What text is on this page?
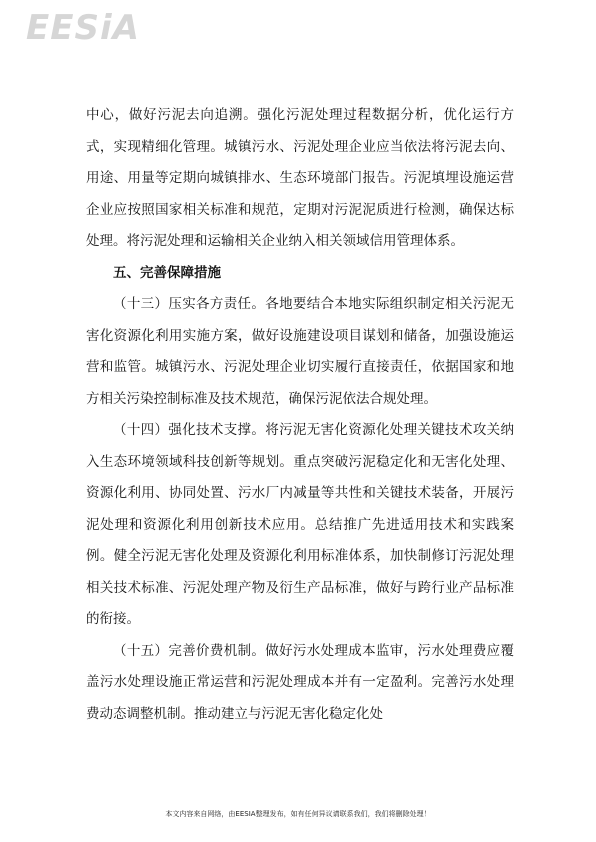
EESiA

中心，做好污泥去向追溯。强化污泥处理过程数据分析，优化运行方式，实现精细化管理。城镇污水、污泥处理企业应当依法将污泥去向、用途、用量等定期向城镇排水、生态环境部门报告。污泥填埋设施运营企业应按照国家相关标准和规范，定期对污泥泥质进行检测，确保达标处理。将污泥处理和运输相关企业纳入相关领域信用管理体系。

五、完善保障措施

（十三）压实各方责任。各地要结合本地实际组织制定相关污泥无害化资源化利用实施方案，做好设施建设项目谋划和储备，加强设施运营和监管。城镇污水、污泥处理企业切实履行直接责任，依据国家和地方相关污染控制标准及技术规范，确保污泥依法合规处理。

（十四）强化技术支撑。将污泥无害化资源化处理关键技术攻关纳入生态环境领域科技创新等规划。重点突破污泥稳定化和无害化处理、资源化利用、协同处置、污水厂内减量等共性和关键技术装备，开展污泥处理和资源化利用创新技术应用。总结推广先进适用技术和实践案例。健全污泥无害化处理及资源化利用标准体系，加快制修订污泥处理相关技术标准、污泥处理产物及衍生产品标准，做好与跨行业产品标准的衔接。

（十五）完善价费机制。做好污水处理成本监审，污水处理费应覆盖污水处理设施正常运营和污泥处理成本并有一定盈利。完善污水处理费动态调整机制。推动建立与污泥无害化稳定化处

本文内容来自网络，由EESIA整理发布，如有任何异议请联系我们，我们将删除处理！
